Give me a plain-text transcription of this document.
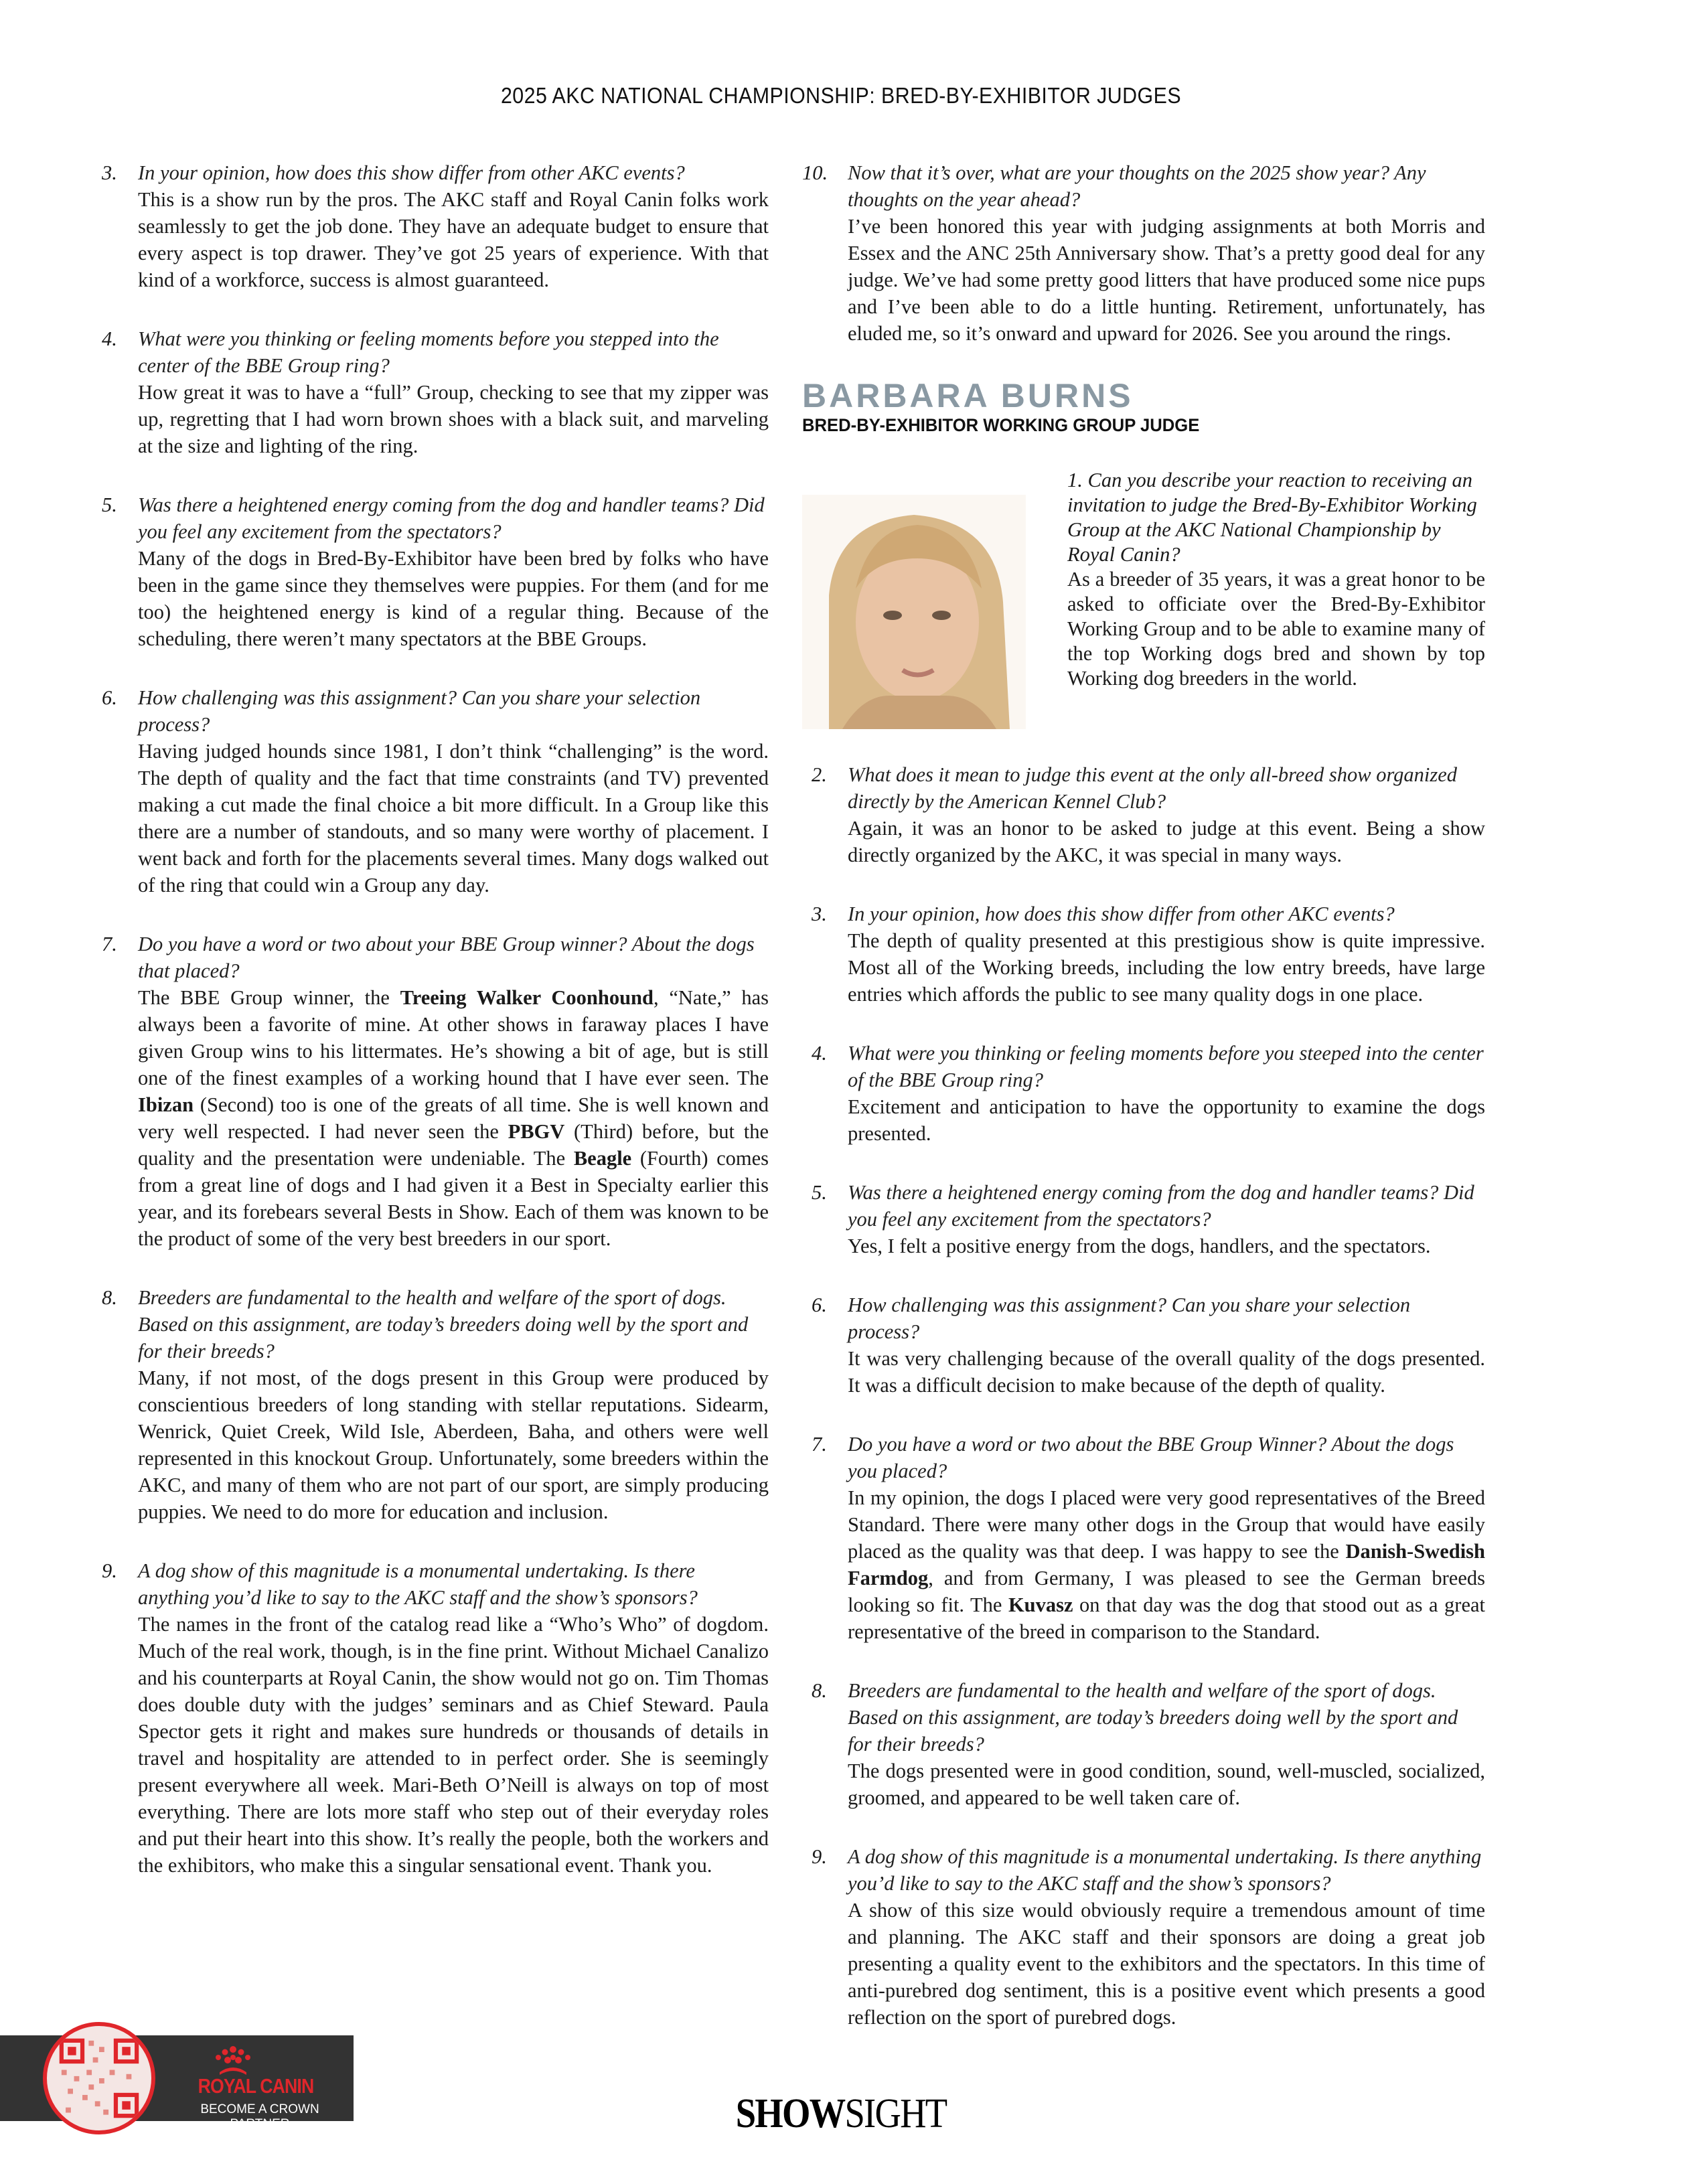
2025 AKC NATIONAL CHAMPIONSHIP: BRED-BY-EXHIBITOR JUDGES
3. In your opinion, how does this show differ from other AKC events?
This is a show run by the pros. The AKC staff and Royal Canin folks work seamlessly to get the job done. They have an adequate budget to ensure that every aspect is top drawer. They’ve got 25 years of experience. With that kind of a workforce, success is almost guaranteed.
4. What were you thinking or feeling moments before you stepped into the center of the BBE Group ring?
How great it was to have a “full” Group, checking to see that my zipper was up, regretting that I had worn brown shoes with a black suit, and marveling at the size and lighting of the ring.
5. Was there a heightened energy coming from the dog and handler teams? Did you feel any excitement from the spectators?
Many of the dogs in Bred-By-Exhibitor have been bred by folks who have been in the game since they themselves were puppies. For them (and for me too) the heightened energy is kind of a regular thing. Because of the scheduling, there weren’t many spectators at the BBE Groups.
6. How challenging was this assignment? Can you share your selection process?
Having judged hounds since 1981, I don’t think “challenging” is the word. The depth of quality and the fact that time constraints (and TV) prevented making a cut made the final choice a bit more difficult. In a Group like this there are a number of standouts, and so many were worthy of placement. I went back and forth for the placements several times. Many dogs walked out of the ring that could win a Group any day.
7. Do you have a word or two about your BBE Group winner? About the dogs that placed?
The BBE Group winner, the Treeing Walker Coonhound, “Nate,” has always been a favorite of mine. At other shows in faraway places I have given Group wins to his littermates. He’s showing a bit of age, but is still one of the finest examples of a working hound that I have ever seen. The Ibizan (Second) too is one of the greats of all time. She is well known and very well respected. I had never seen the PBGV (Third) before, but the quality and the presentation were undeniable. The Beagle (Fourth) comes from a great line of dogs and I had given it a Best in Specialty earlier this year, and its forebears several Bests in Show. Each of them was known to be the product of some of the very best breeders in our sport.
8. Breeders are fundamental to the health and welfare of the sport of dogs. Based on this assignment, are today’s breeders doing well by the sport and for their breeds?
Many, if not most, of the dogs present in this Group were produced by conscientious breeders of long standing with stellar reputations. Sidearm, Wenrick, Quiet Creek, Wild Isle, Aberdeen, Baha, and others were well represented in this knockout Group. Unfortunately, some breeders within the AKC, and many of them who are not part of our sport, are simply producing puppies. We need to do more for education and inclusion.
9. A dog show of this magnitude is a monumental undertaking. Is there anything you’d like to say to the AKC staff and the show’s sponsors?
The names in the front of the catalog read like a “Who’s Who” of dogdom. Much of the real work, though, is in the fine print. Without Michael Canalizo and his counterparts at Royal Canin, the show would not go on. Tim Thomas does double duty with the judges’ seminars and as Chief Steward. Paula Spector gets it right and makes sure hundreds or thousands of details in travel and hospitality are attended to in perfect order. She is seemingly present everywhere all week. Mari-Beth O’Neill is always on top of most everything. There are lots more staff who step out of their everyday roles and put their heart into this show. It’s really the people, both the workers and the exhibitors, who make this a singular sensational event. Thank you.
10. Now that it’s over, what are your thoughts on the 2025 show year? Any thoughts on the year ahead?
I’ve been honored this year with judging assignments at both Morris and Essex and the ANC 25th Anniversary show. That’s a pretty good deal for any judge. We’ve had some pretty good litters that have produced some nice pups and I’ve been able to do a little hunting. Retirement, unfortunately, has eluded me, so it’s onward and upward for 2026. See you around the rings.
BARBARA BURNS
BRED-BY-EXHIBITOR WORKING GROUP JUDGE
1. Can you describe your reaction to receiving an invitation to judge the Bred-By-Exhibitor Working Group at the AKC National Championship by Royal Canin?
As a breeder of 35 years, it was a great honor to be asked to officiate over the Bred-By-Exhibitor Working Group and to be able to examine many of the top Working dogs bred and shown by top Working dog breeders in the world.
2. What does it mean to judge this event at the only all-breed show organized directly by the American Kennel Club?
Again, it was an honor to be asked to judge at this event. Being a show directly organized by the AKC, it was special in many ways.
3. In your opinion, how does this show differ from other AKC events?
The depth of quality presented at this prestigious show is quite impressive. Most all of the Working breeds, including the low entry breeds, have large entries which affords the public to see many quality dogs in one place.
4. What were you thinking or feeling moments before you steeped into the center of the BBE Group ring?
Excitement and anticipation to have the opportunity to examine the dogs presented.
5. Was there a heightened energy coming from the dog and handler teams? Did you feel any excitement from the spectators?
Yes, I felt a positive energy from the dogs, handlers, and the spectators.
6. How challenging was this assignment? Can you share your selection process?
It was very challenging because of the overall quality of the dogs presented. It was a difficult decision to make because of the depth of quality.
7. Do you have a word or two about the BBE Group Winner? About the dogs you placed?
In my opinion, the dogs I placed were very good representatives of the Breed Standard. There were many other dogs in the Group that would have easily placed as the quality was that deep. I was happy to see the Danish-Swedish Farmdog, and from Germany, I was pleased to see the German breeds looking so fit. The Kuvasz on that day was the dog that stood out as a great representative of the breed in comparison to the Standard.
8. Breeders are fundamental to the health and welfare of the sport of dogs. Based on this assignment, are today’s breeders doing well by the sport and for their breeds?
The dogs presented were in good condition, sound, well-muscled, socialized, groomed, and appeared to be well taken care of.
9. A dog show of this magnitude is a monumental undertaking. Is there anything you’d like to say to the AKC staff and the show’s sponsors?
A show of this size would obviously require a tremendous amount of time and planning. The AKC staff and their sponsors are doing a great job presenting a quality event to the exhibitors and the spectators. In this time of anti-purebred dog sentiment, this is a positive event which presents a good reflection on the sport of purebred dogs.
ROYAL CANIN
BECOME A CROWN PARTNER	SHOWSIGHT
